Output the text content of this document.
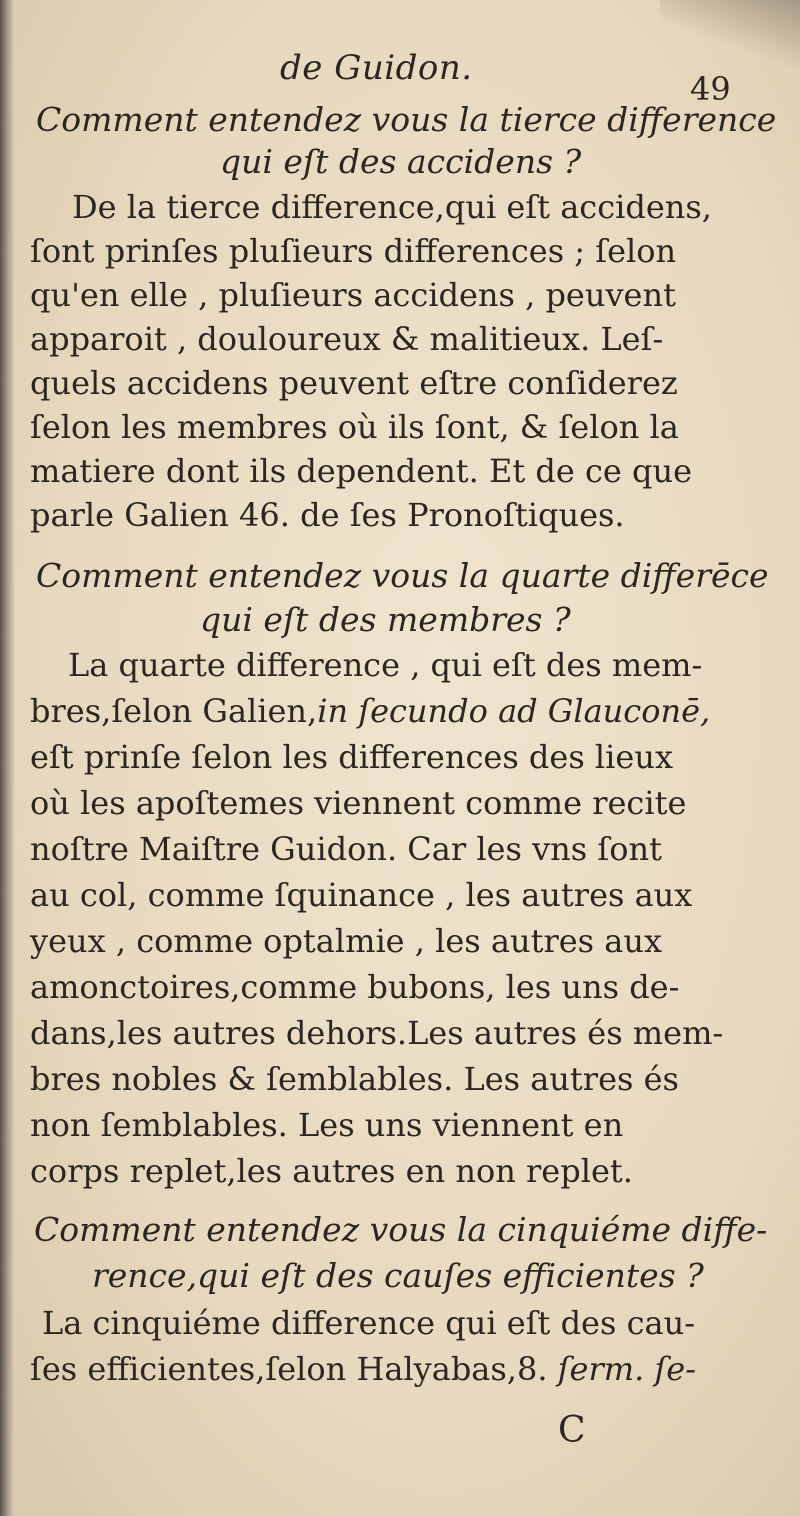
de Guidon.
49
Comment entendez vous la tierce difference
qui eſt des accidens ?
De la tierce difference,qui eſt accidens,
ſont prinſes pluſieurs differences ; ſelon
qu'en elle , pluſieurs accidens , peuvent
apparoit , douloureux & malitieux. Leſ-
quels accidens peuvent eſtre conſiderez
ſelon les membres où ils ſont, & ſelon la
matiere dont ils dependent. Et de ce que
parle Galien 46. de ſes Pronoſtiques.
Comment entendez vous la quarte differēce
qui eſt des membres ?
La quarte difference , qui eſt des mem-
bres,ſelon Galien,in ſecundo ad Glauconē,
eſt prinſe ſelon les differences des lieux
où les apoſtemes viennent comme recite
noſtre Maiſtre Guidon. Car les vns ſont
au col, comme ſquinance , les autres aux
yeux , comme optalmie , les autres aux
amonctoires,comme bubons, les uns de-
dans,les autres dehors.Les autres és mem-
bres nobles & ſemblables. Les autres és
non ſemblables. Les uns viennent en
corps replet,les autres en non replet.
Comment entendez vous la cinquiéme diffe-
rence,qui eſt des cauſes efficientes ?
La cinquiéme difference qui eſt des cau-
ſes efficientes,ſelon Halyabas,8. ſerm. ſe-
C
